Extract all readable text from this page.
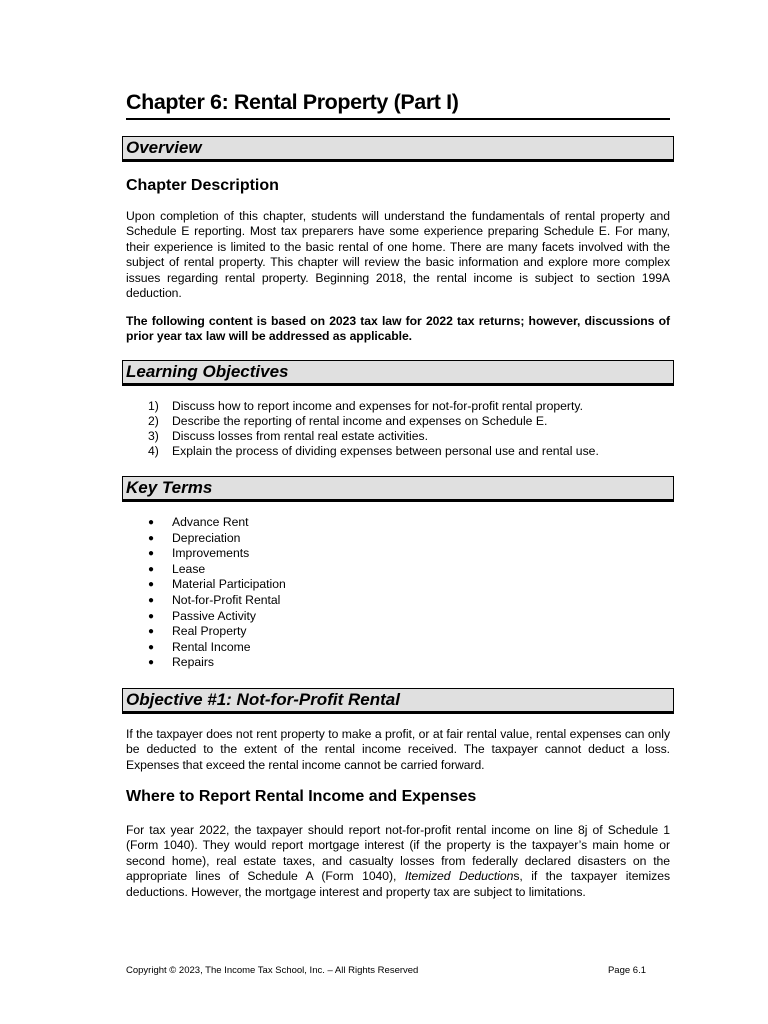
Chapter 6: Rental Property (Part I)
Overview
Chapter Description

Upon completion of this chapter, students will understand the fundamentals of rental property and Schedule E reporting. Most tax preparers have some experience preparing Schedule E. For many, their experience is limited to the basic rental of one home. There are many facets involved with the subject of rental property. This chapter will review the basic information and explore more complex issues regarding rental property. Beginning 2018, the rental income is subject to section 199A deduction.

The following content is based on 2023 tax law for 2022 tax returns; however, discussions of prior year tax law will be addressed as applicable.

Learning Objectives
1) Discuss how to report income and expenses for not-for-profit rental property.
2) Describe the reporting of rental income and expenses on Schedule E.
3) Discuss losses from rental real estate activities.
4) Explain the process of dividing expenses between personal use and rental use.
Key Terms
● Advance Rent
● Depreciation
● Improvements
● Lease
● Material Participation
● Not-for-Profit Rental
● Passive Activity
● Real Property
● Rental Income
● Repairs
Objective #1: Not-for-Profit Rental

If the taxpayer does not rent property to make a profit, or at fair rental value, rental expenses can only be deducted to the extent of the rental income received. The taxpayer cannot deduct a loss. Expenses that exceed the rental income cannot be carried forward.

Where to Report Rental Income and Expenses

For tax year 2022, the taxpayer should report not-for-profit rental income on line 8j of Schedule 1 (Form 1040). They would report mortgage interest (if the property is the taxpayer’s main home or second home), real estate taxes, and casualty losses from federally declared disasters on the appropriate lines of Schedule A (Form 1040), Itemized Deductions, if the taxpayer itemizes deductions. However, the mortgage interest and property tax are subject to limitations.

Copyright © 2023, The Income Tax School, Inc. – All Rights Reserved	Page 6.1
